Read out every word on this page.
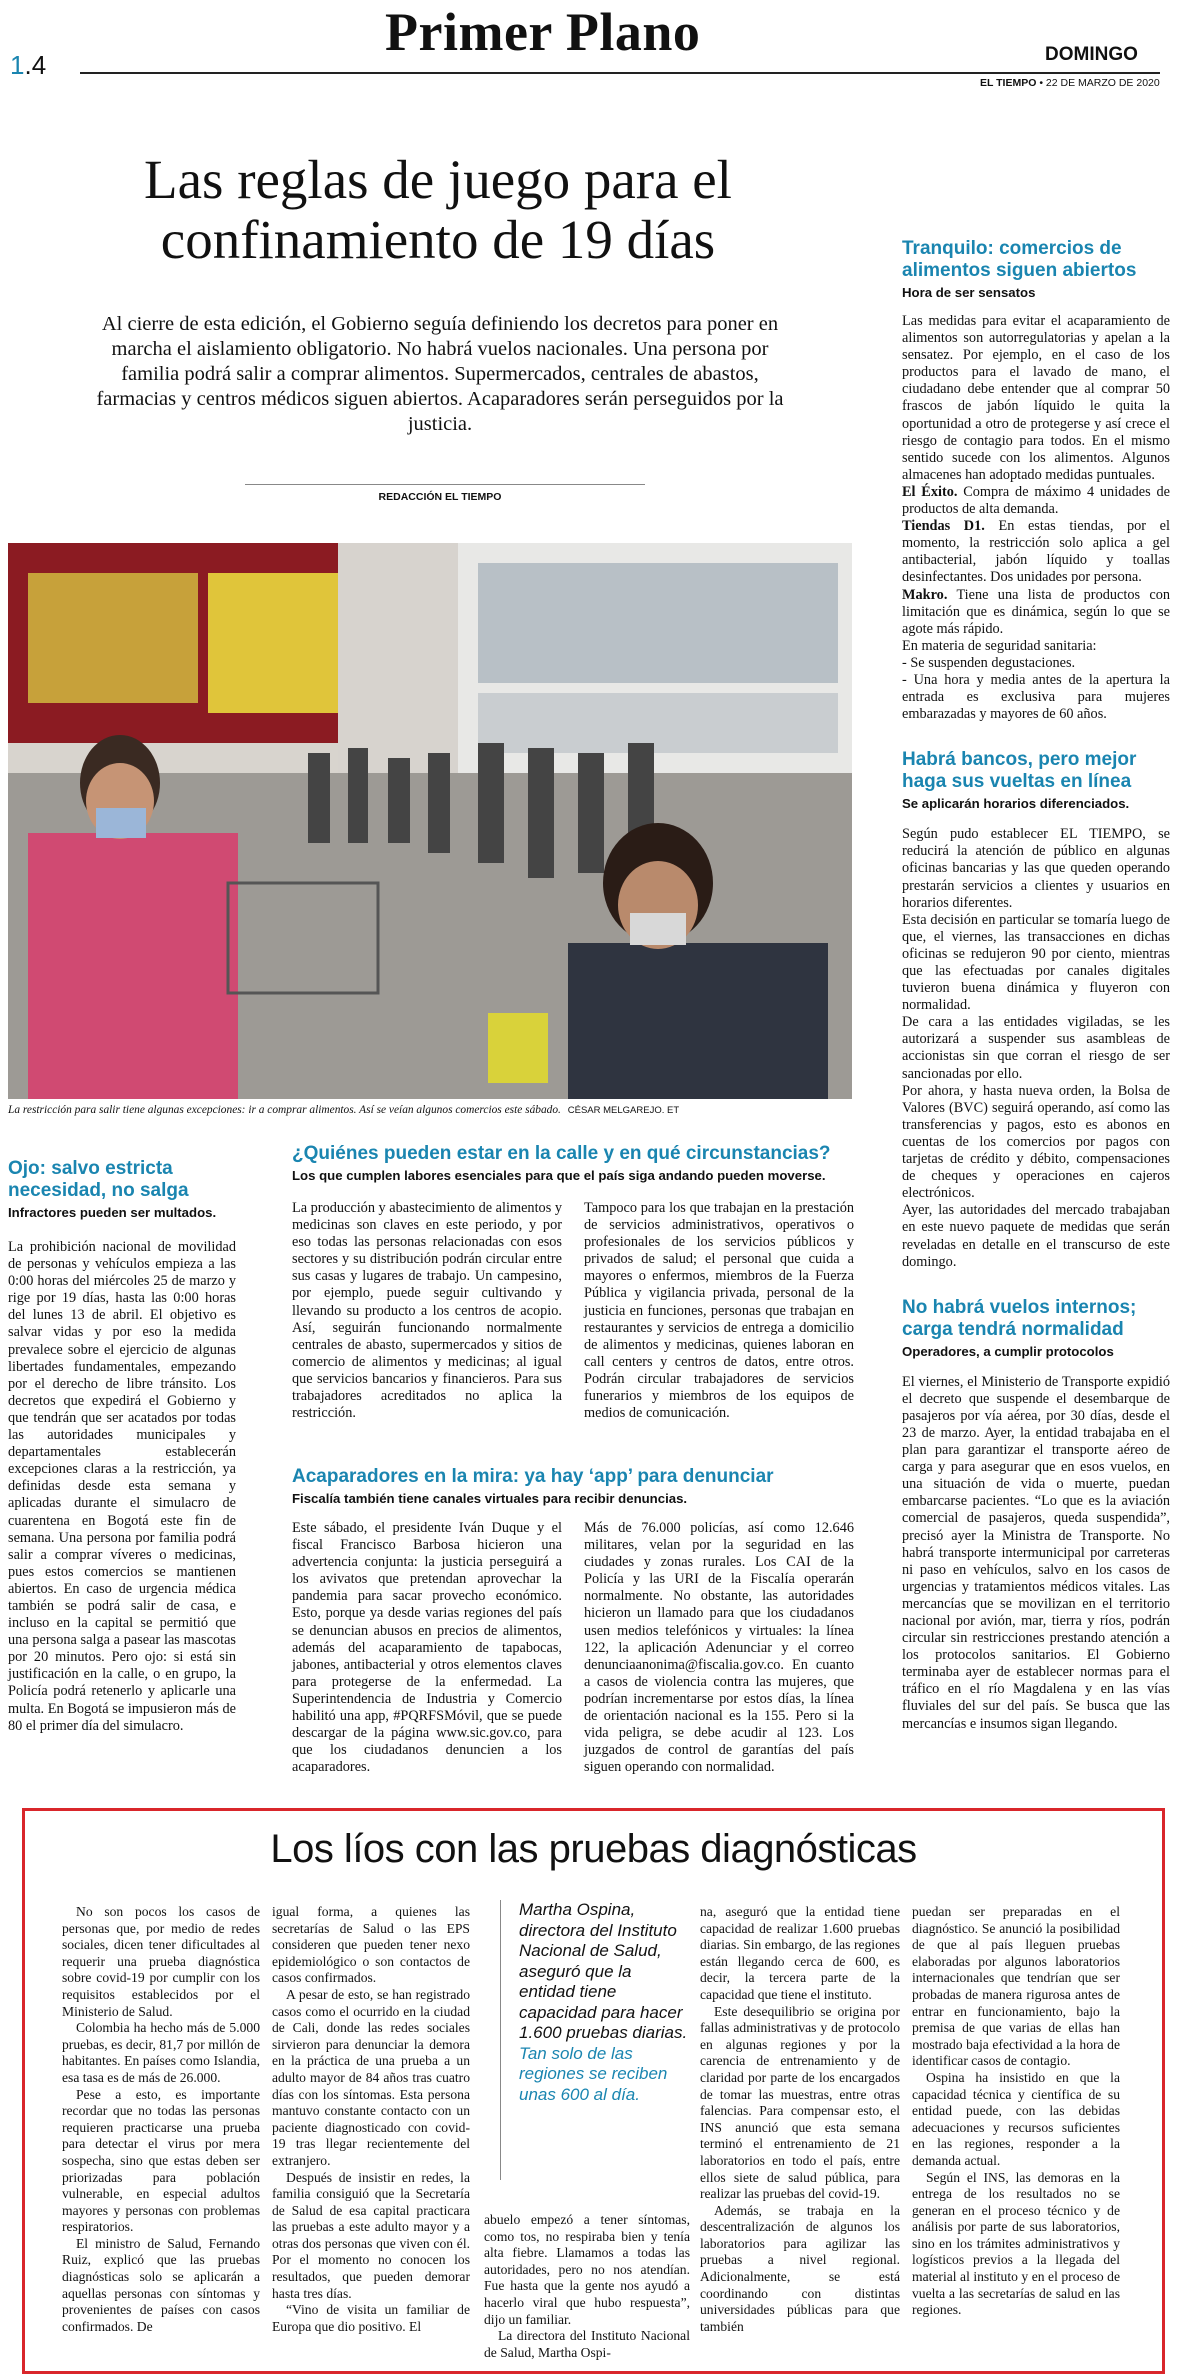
1.4
Primer Plano	DOMINGO
EL TIEMPO • 22 DE MARZO DE 2020
Las reglas de juego para el confinamiento de 19 días
Al cierre de esta edición, el Gobierno seguía definiendo los decretos para poner en marcha el aislamiento obligatorio. No habrá vuelos nacionales. Una persona por familia podrá salir a comprar alimentos. Supermercados, centrales de abastos, farmacias y centros médicos siguen abiertos. Acaparadores serán perseguidos por la justicia.
REDACCIÓN EL TIEMPO
La restricción para salir tiene algunas excepciones: ir a comprar alimentos. Así se veían algunos comercios este sábado. CÉSAR MELGAREJO. ET
Ojo: salvo estricta necesidad, no salga
Infractores pueden ser multados.
La prohibición nacional de movilidad de personas y vehículos empieza a las 0:00 horas del miércoles 25 de marzo y rige por 19 días, hasta las 0:00 horas del lunes 13 de abril. El objetivo es salvar vidas y por eso la medida prevalece sobre el ejercicio de algunas libertades fundamentales, empezando por el derecho de libre tránsito. Los decretos que expedirá el Gobierno y que tendrán que ser acatados por todas las autoridades municipales y departamentales establecerán excepciones claras a la restricción, ya definidas desde esta semana y aplicadas durante el simulacro de cuarentena en Bogotá este fin de semana. Una persona por familia podrá salir a comprar víveres o medicinas, pues estos comercios se mantienen abiertos. En caso de urgencia médica también se podrá salir de casa, e incluso en la capital se permitió que una persona salga a pasear las mascotas por 20 minutos. Pero ojo: si está sin justificación en la calle, o en grupo, la Policía podrá retenerlo y aplicarle una multa. En Bogotá se impusieron más de 80 el primer día del simulacro.
¿Quiénes pueden estar en la calle y en qué circunstancias?
Los que cumplen labores esenciales para que el país siga andando pueden moverse.
La producción y abastecimiento de alimentos y medicinas son claves en este periodo, y por eso todas las personas relacionadas con esos sectores y su distribución podrán circular entre sus casas y lugares de trabajo. Un campesino, por ejemplo, puede seguir cultivando y llevando su producto a los centros de acopio. Así, seguirán funcionando normalmente centrales de abasto, supermercados y sitios de comercio de alimentos y medicinas; al igual que servicios bancarios y financieros. Para sus trabajadores acreditados no aplica la restricción.
Tampoco para los que trabajan en la prestación de servicios administrativos, operativos o profesionales de los servicios públicos y privados de salud; el personal que cuida a mayores o enfermos, miembros de la Fuerza Pública y vigilancia privada, personal de la justicia en funciones, personas que trabajan en restaurantes y servicios de entrega a domicilio de alimentos y medicinas, quienes laboran en call centers y centros de datos, entre otros. Podrán circular trabajadores de servicios funerarios y miembros de los equipos de medios de comunicación.
Acaparadores en la mira: ya hay ‘app’ para denunciar
Fiscalía también tiene canales virtuales para recibir denuncias.
Este sábado, el presidente Iván Duque y el fiscal Francisco Barbosa hicieron una advertencia conjunta: la justicia perseguirá a los avivatos que pretendan aprovechar la pandemia para sacar provecho económico. Esto, porque ya desde varias regiones del país se denuncian abusos en precios de alimentos, además del acaparamiento de tapabocas, jabones, antibacterial y otros elementos claves para protegerse de la enfermedad. La Superintendencia de Industria y Comercio habilitó una app, #PQRFSMóvil, que se puede descargar de la página www.sic.gov.co, para que los ciudadanos denuncien a los acaparadores.
Más de 76.000 policías, así como 12.646 militares, velan por la seguridad en las ciudades y zonas rurales. Los CAI de la Policía y las URI de la Fiscalía operarán normalmente. No obstante, las autoridades hicieron un llamado para que los ciudadanos usen medios telefónicos y virtuales: la línea 122, la aplicación Adenunciar y el correo denunciaanonima@fiscalia.gov.co. En cuanto a casos de violencia contra las mujeres, que podrían incrementarse por estos días, la línea de orientación nacional es la 155. Pero si la vida peligra, se debe acudir al 123. Los juzgados de control de garantías del país siguen operando con normalidad.
Tranquilo: comercios de alimentos siguen abiertos
Hora de ser sensatos
Las medidas para evitar el acaparamiento de alimentos son autorregulatorias y apelan a la sensatez. Por ejemplo, en el caso de los productos para el lavado de mano, el ciudadano debe entender que al comprar 50 frascos de jabón líquido le quita la oportunidad a otro de protegerse y así crece el riesgo de contagio para todos. En el mismo sentido sucede con los alimentos. Algunos almacenes han adoptado medidas puntuales.
El Éxito. Compra de máximo 4 unidades de productos de alta demanda.
Tiendas D1. En estas tiendas, por el momento, la restricción solo aplica a gel antibacterial, jabón líquido y toallas desinfectantes. Dos unidades por persona.
Makro. Tiene una lista de productos con limitación que es dinámica, según lo que se agote más rápido.
En materia de seguridad sanitaria:
- Se suspenden degustaciones.
- Una hora y media antes de la apertura la entrada es exclusiva para mujeres embarazadas y mayores de 60 años.
Habrá bancos, pero mejor haga sus vueltas en línea
Se aplicarán horarios diferenciados.
Según pudo establecer EL TIEMPO, se reducirá la atención de público en algunas oficinas bancarias y las que queden operando prestarán servicios a clientes y usuarios en horarios diferentes.
Esta decisión en particular se tomaría luego de que, el viernes, las transacciones en dichas oficinas se redujeron 90 por ciento, mientras que las efectuadas por canales digitales tuvieron buena dinámica y fluyeron con normalidad.
De cara a las entidades vigiladas, se les autorizará a suspender sus asambleas de accionistas sin que corran el riesgo de ser sancionadas por ello.
Por ahora, y hasta nueva orden, la Bolsa de Valores (BVC) seguirá operando, así como las transferencias y pagos, esto es abonos en cuentas de los comercios por pagos con tarjetas de crédito y débito, compensaciones de cheques y operaciones en cajeros electrónicos.
Ayer, las autoridades del mercado trabajaban en este nuevo paquete de medidas que serán reveladas en detalle en el transcurso de este domingo.
No habrá vuelos internos; carga tendrá normalidad
Operadores, a cumplir protocolos
El viernes, el Ministerio de Transporte expidió el decreto que suspende el desembarque de pasajeros por vía aérea, por 30 días, desde el 23 de marzo. Ayer, la entidad trabajaba en el plan para garantizar el transporte aéreo de carga y para asegurar que en esos vuelos, en una situación de vida o muerte, puedan embarcarse pacientes. “Lo que es la aviación comercial de pasajeros, queda suspendida”, precisó ayer la Ministra de Transporte. No habrá transporte intermunicipal por carreteras ni paso en vehículos, salvo en los casos de urgencias y tratamientos médicos vitales. Las mercancías que se movilizan en el territorio nacional por avión, mar, tierra y ríos, podrán circular sin restricciones prestando atención a los protocolos sanitarios. El Gobierno terminaba ayer de establecer normas para el tráfico en el río Magdalena y en las vías fluviales del sur del país. Se busca que las mercancías e insumos sigan llegando.
Los líos con las pruebas diagnósticas
No son pocos los casos de personas que, por medio de redes sociales, dicen tener dificultades al requerir una prueba diagnóstica sobre covid-19 por cumplir con los requisitos establecidos por el Ministerio de Salud.
Colombia ha hecho más de 5.000 pruebas, es decir, 81,7 por millón de habitantes. En países como Islandia, esa tasa es de más de 26.000.
Pese a esto, es importante recordar que no todas las personas requieren practicarse una prueba para detectar el virus por mera sospecha, sino que estas deben ser priorizadas para población vulnerable, en especial adultos mayores y personas con problemas respiratorios.
El ministro de Salud, Fernando Ruiz, explicó que las pruebas diagnósticas solo se aplicarán a aquellas personas con síntomas y provenientes de países con casos confirmados. De
igual forma, a quienes las secretarías de Salud o las EPS consideren que pueden tener nexo epidemiológico o son contactos de casos confirmados.
A pesar de esto, se han registrado casos como el ocurrido en la ciudad de Cali, donde las redes sociales sirvieron para denunciar la demora en la práctica de una prueba a un adulto mayor de 84 años tras cuatro días con los síntomas. Esta persona mantuvo constante contacto con un paciente diagnosticado con covid-19 tras llegar recientemente del extranjero.
Después de insistir en redes, la familia consiguió que la Secretaría de Salud de esa capital practicara las pruebas a este adulto mayor y a otras dos personas que viven con él. Por el momento no conocen los resultados, que pueden demorar hasta tres días.
“Vino de visita un familiar de Europa que dio positivo. El
Martha Ospina, directora del Instituto Nacional de Salud, aseguró que la entidad tiene capacidad para hacer 1.600 pruebas diarias.
Tan solo de las regiones se reciben unas 600 al día.
abuelo empezó a tener síntomas, como tos, no respiraba bien y tenía alta fiebre. Llamamos a todas las autoridades, pero no nos atendían. Fue hasta que la gente nos ayudó a hacerlo viral que hubo respuesta”, dijo un familiar.
La directora del Instituto Nacional de Salud, Martha Ospi-
na, aseguró que la entidad tiene capacidad de realizar 1.600 pruebas diarias. Sin embargo, de las regiones están llegando cerca de 600, es decir, la tercera parte de la capacidad que tiene el instituto.
Este desequilibrio se origina por fallas administrativas y de protocolo en algunas regiones y por la carencia de entrenamiento y de claridad por parte de los encargados de tomar las muestras, entre otras falencias. Para compensar esto, el INS anunció que esta semana terminó el entrenamiento de 21 laboratorios en todo el país, entre ellos siete de salud pública, para realizar las pruebas del covid-19.
Además, se trabaja en la descentralización de algunos los laboratorios para agilizar las pruebas a nivel regional. Adicionalmente, se está coordinando con distintas universidades públicas para que también
puedan ser preparadas en el diagnóstico. Se anunció la posibilidad de que al país lleguen pruebas elaboradas por algunos laboratorios internacionales que tendrían que ser probadas de manera rigurosa antes de entrar en funcionamiento, bajo la premisa de que varias de ellas han mostrado baja efectividad a la hora de identificar casos de contagio.
Ospina ha insistido en que la capacidad técnica y científica de su entidad puede, con las debidas adecuaciones y recursos suficientes en las regiones, responder a la demanda actual.
Según el INS, las demoras en la entrega de los resultados no se generan en el proceso técnico y de análisis por parte de sus laboratorios, sino en los trámites administrativos y logísticos previos a la llegada del material al instituto y en el proceso de vuelta a las secretarías de salud en las regiones.
